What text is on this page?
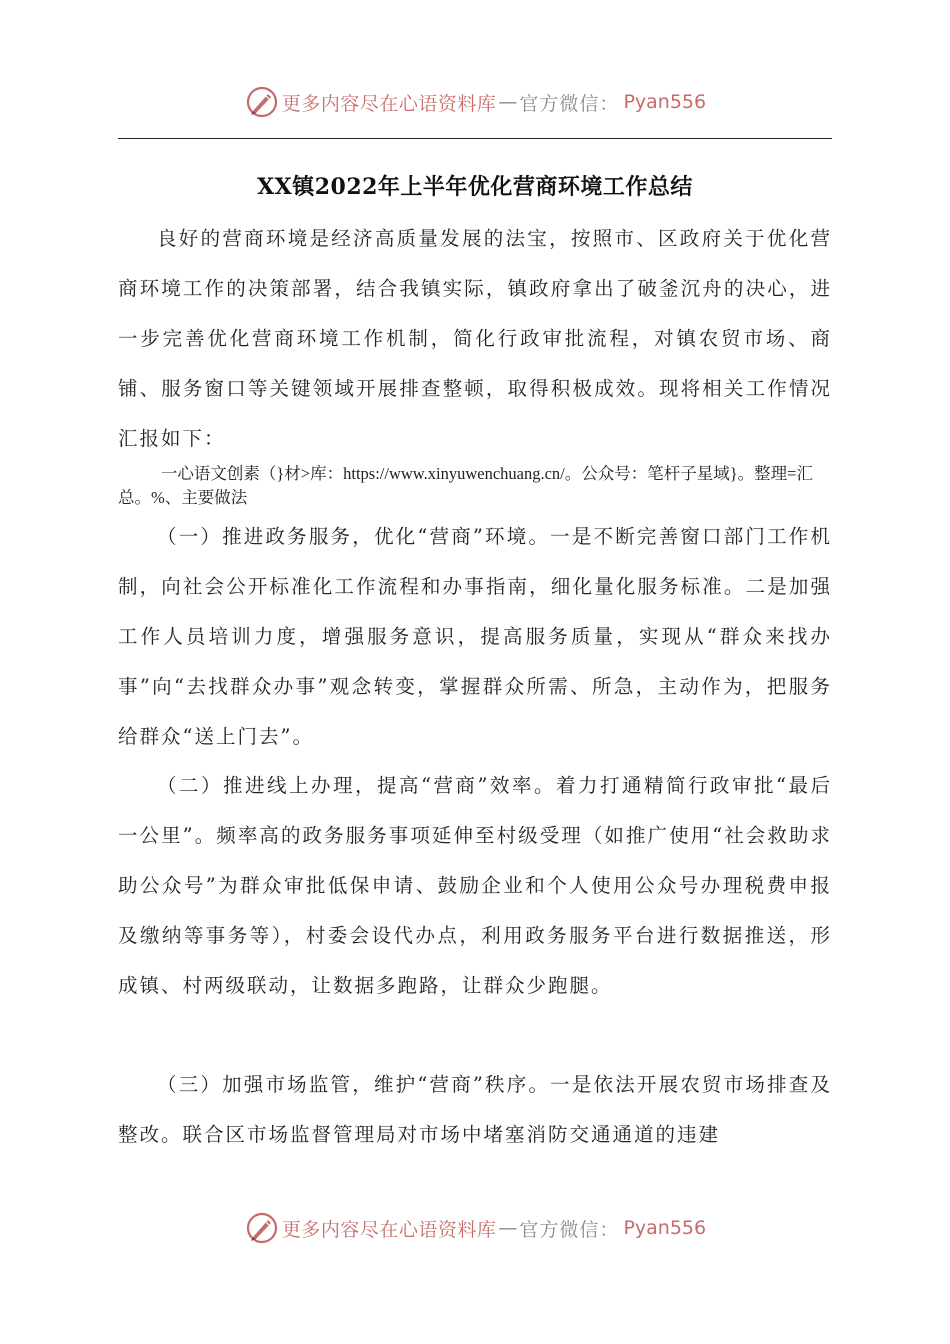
更多内容尽在心语资料库 — 官方微信： Pyan556
XX镇2022年上半年优化营商环境工作总结
良好的营商环境是经济高质量发展的法宝，按照市、区政府关于优化营商环境工作的决策部署，结合我镇实际，镇政府拿出了破釜沉舟的决心，进一步完善优化营商环境工作机制，简化行政审批流程，对镇农贸市场、商铺、服务窗口等关键领域开展排查整顿，取得积极成效。现将相关工作情况汇报如下：
一心语文创素（}材>库：https://www.xinyuwenchuang.cn/。公众号：笔杆子星域}。整理=汇总。%、主要做法
（一）推进政务服务，优化“营商”环境。一是不断完善窗口部门工作机制，向社会公开标准化工作流程和办事指南，细化量化服务标准。二是加强工作人员培训力度，增强服务意识，提高服务质量，实现从“群众来找办事”向“去找群众办事”观念转变，掌握群众所需、所急，主动作为，把服务给群众“送上门去”。
（二）推进线上办理，提高“营商”效率。着力打通精简行政审批“最后一公里”。频率高的政务服务事项延伸至村级受理（如推广使用“社会救助求助公众号”为群众审批低保申请、鼓励企业和个人使用公众号办理税费申报及缴纳等事务等），村委会设代办点，利用政务服务平台进行数据推送，形成镇、村两级联动，让数据多跑路，让群众少跑腿。
（三）加强市场监管，维护“营商”秩序。一是依法开展农贸市场排查及整改。联合区市场监督管理局对市场中堵塞消防交通通道的违建
更多内容尽在心语资料库 — 官方微信： Pyan556
